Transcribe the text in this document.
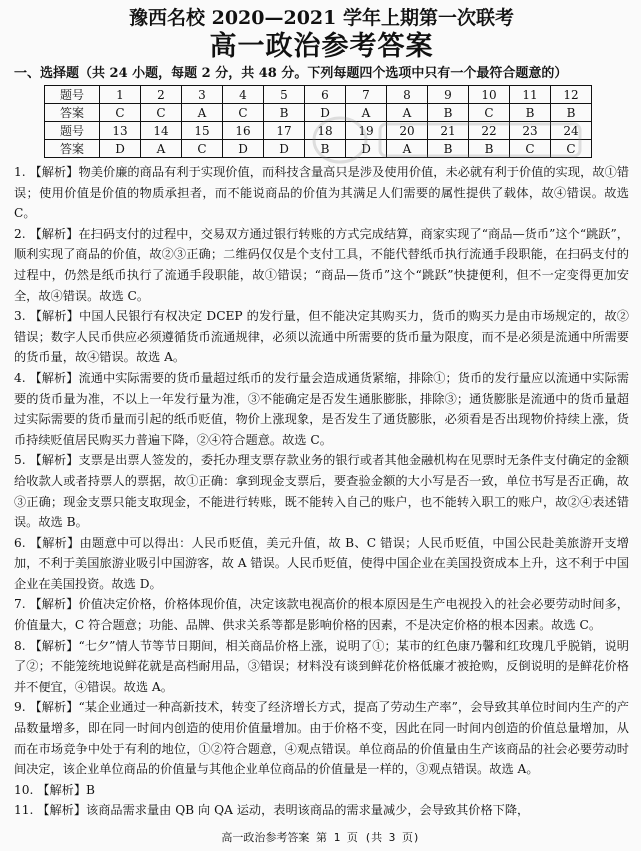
豫西名校 2020—2021 学年上期第一次联考
高一政治参考答案
一、选择题（共 24 小题，每题 2 分，共 48 分。下列每题四个选项中只有一个最符合题意的）
题号	1	2	3	4	5	6	7	8	9	10	11	12
答案	C	C	A	C	B	D	A	A	B	C	B	B
题号	13	14	15	16	17	18	19	20	21	22	23	24
答案	D	A	C	D	D	B	D	A	B	B	C	C

1. 【解析】物美价廉的商品有利于实现价值，而科技含量高只是涉及使用价值，未必就有利于价值的实现，故①错误；使用价值是价值的物质承担者，而不能说商品的价值为其满足人们需要的属性提供了载体，故④错误。故选 C。

2. 【解析】在扫码支付的过程中，交易双方通过银行转账的方式完成结算，商家实现了“商品—货币”这个“跳跃”，顺利实现了商品的价值，故②③正确；二维码仅仅是个支付工具，不能代替纸币执行流通手段职能，在扫码支付的过程中，仍然是纸币执行了流通手段职能，故①错误；“商品—货币”这个“跳跃”快捷便利，但不一定变得更加安全，故④错误。故选 C。

3. 【解析】中国人民银行有权决定 DCEP 的发行量，但不能决定其购买力，货币的购买力是由市场规定的，故②错误；数字人民币供应必须遵循货币流通规律，必须以流通中所需要的货币量为限度，而不是必须是流通中所需要的货币量，故④错误。故选 A。

4. 【解析】流通中实际需要的货币量超过纸币的发行量会造成通货紧缩，排除①；货币的发行量应以流通中实际需要的货币量为准，不以上一年发行量为准，③不能确定是否发生通胀膨胀，排除③；通货膨胀是流通中的货币量超过实际需要的货币量而引起的纸币贬值，物价上涨现象，是否发生了通货膨胀，必须看是否出现物价持续上涨，货币持续贬值居民购买力普遍下降，②④符合题意。故选 C。

5. 【解析】支票是出票人签发的，委托办理支票存款业务的银行或者其他金融机构在见票时无条件支付确定的金额给收款人或者持票人的票据，故①正确：拿到现金支票后，要查验金额的大小写是否一致，单位书写是否正确，故③正确；现金支票只能支取现金，不能进行转账，既不能转入自己的账户，也不能转入职工的账户，故②④表述错误。故选 B。

6. 【解析】由题意中可以得出：人民币贬值，美元升值，故 B、C 错误；人民币贬值，中国公民赴美旅游开支增加，不利于美国旅游业吸引中国游客，故 A 错误。人民币贬值，使得中国企业在美国投资成本上升，这不利于中国企业在美国投资。故选 D。

7. 【解析】价值决定价格，价格体现价值，决定该款电视高价的根本原因是生产电视投入的社会必要劳动时间多，价值量大，C 符合题意；功能、品牌、供求关系等都是影响价格的因素，不是决定价格的根本因素。故选 C。

8. 【解析】“七夕”情人节等节日期间，相关商品价格上涨，说明了①；某市的红色康乃馨和红玫瑰几乎脱销，说明了②；不能笼统地说鲜花就是高档耐用品，③错误；材料没有谈到鲜花价格低廉才被抢购，反倒说明的是鲜花价格并不便宜，④错误。故选 A。

9. 【解析】“某企业通过一种高新技术，转变了经济增长方式，提高了劳动生产率”，会导致其单位时间内生产的产品数量增多，即在同一时间内创造的使用价值量增加。由于价格不变，因此在同一时间内创造的价值总量增加，从而在市场竞争中处于有利的地位，①②符合题意，④观点错误。单位商品的价值量由生产该商品的社会必要劳动时间决定，该企业单位商品的价值量与其他企业单位商品的价值量是一样的，③观点错误。故选 A。

10. 【解析】B

11. 【解析】该商品需求量由 QB 向 QA 运动，表明该商品的需求量减少，会导致其价格下降，

高一政治参考答案 第 1 页 (共 3 页)
